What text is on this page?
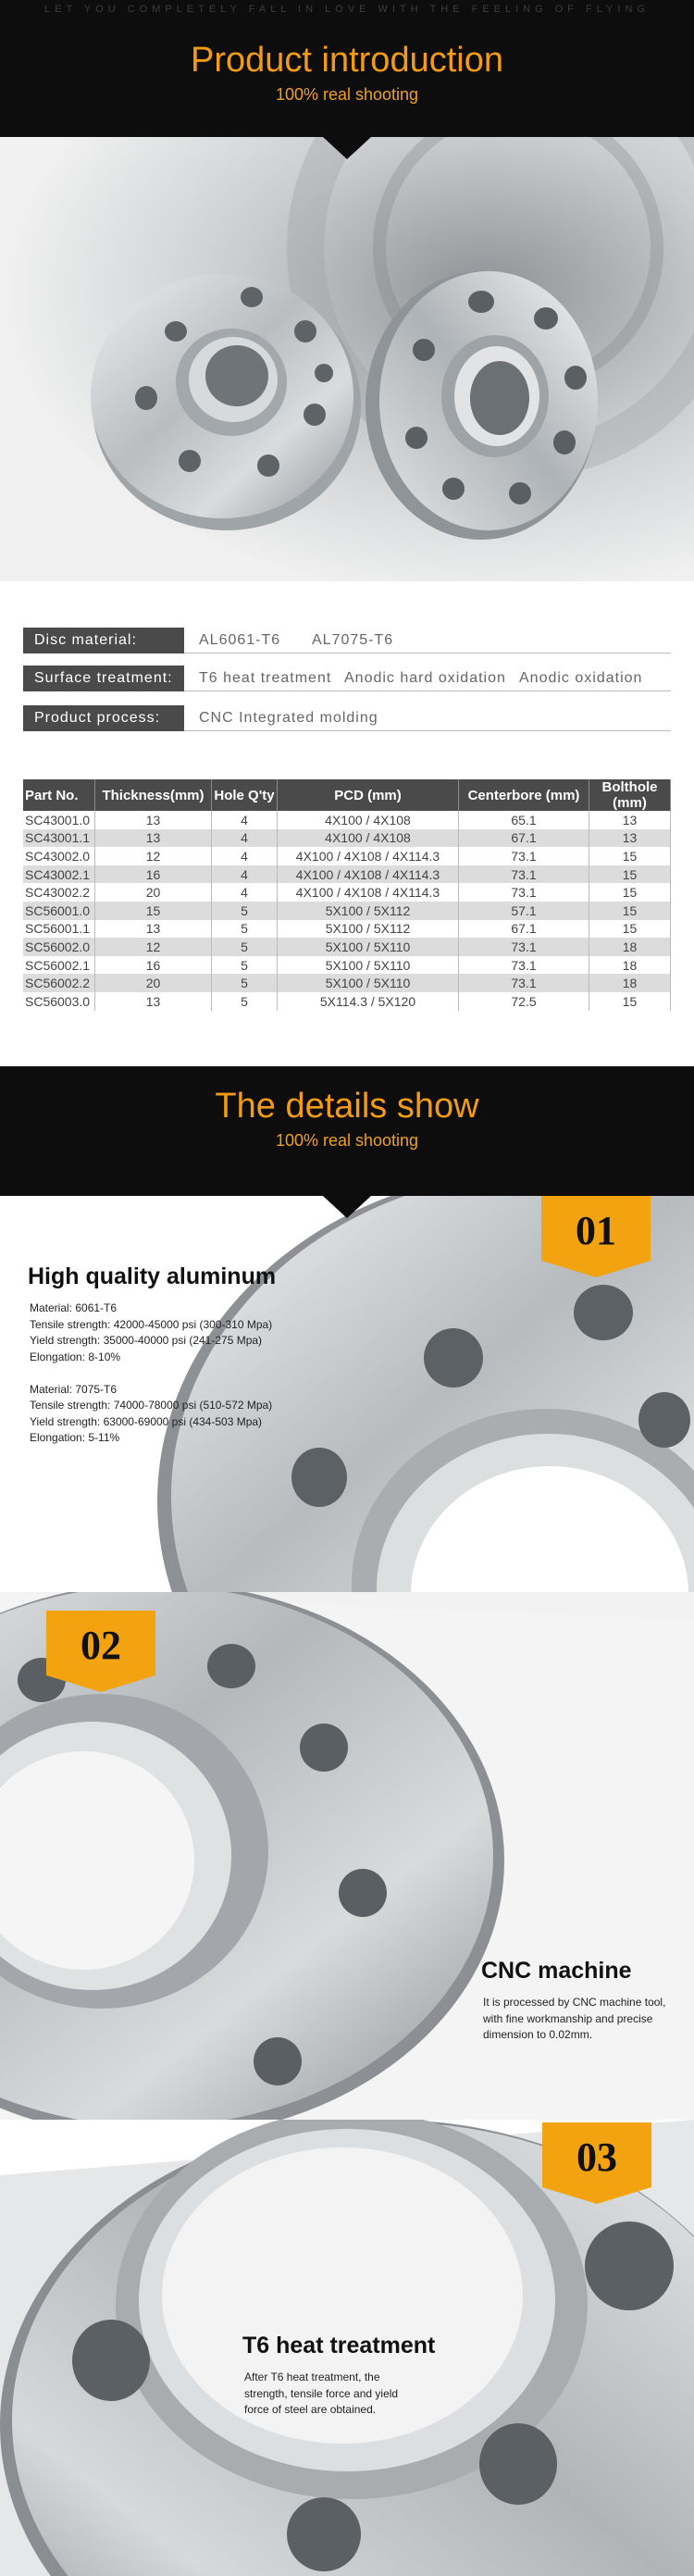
LET YOU COMPLETELY FALL IN LOVE WITH THE FEELING OF FLYING
Product introduction
100% real shooting
Disc material:	AL6061-T6 AL7075-T6
Surface treatment:	T6 heat treatment Anodic hard oxidation Anodic oxidation
Product process:	CNC Integrated molding
Part No.	Thickness(mm)	Hole Q'ty	PCD (mm)	Centerbore (mm)	Bolthole (mm)
SC43001.0	13	4	4X100 / 4X108	65.1	13
SC43001.1	13	4	4X100 / 4X108	67.1	13
SC43002.0	12	4	4X100 / 4X108 / 4X114.3	73.1	15
SC43002.1	16	4	4X100 / 4X108 / 4X114.3	73.1	15
SC43002.2	20	4	4X100 / 4X108 / 4X114.3	73.1	15
SC56001.0	15	5	5X100 / 5X112	57.1	15
SC56001.1	13	5	5X100 / 5X112	67.1	15
SC56002.0	12	5	5X100 / 5X110	73.1	18
SC56002.1	16	5	5X100 / 5X110	73.1	18
SC56002.2	20	5	5X100 / 5X110	73.1	18
SC56003.0	13	5	5X114.3 / 5X120	72.5	15
The details show
100% real shooting
01
High quality aluminum
Material: 6061-T6
Tensile strength: 42000-45000 psi (300-310 Mpa)
Yield strength: 35000-40000 psi (241-275 Mpa)
Elongation: 8-10%

Material: 7075-T6
Tensile strength: 74000-78000 psi (510-572 Mpa)
Yield strength: 63000-69000 psi (434-503 Mpa)
Elongation: 5-11%
02
CNC machine
It is processed by CNC machine tool,
with fine workmanship and precise
dimension to 0.02mm.
03
T6 heat treatment
After T6 heat treatment, the
strength, tensile force and yield
force of steel are obtained.
